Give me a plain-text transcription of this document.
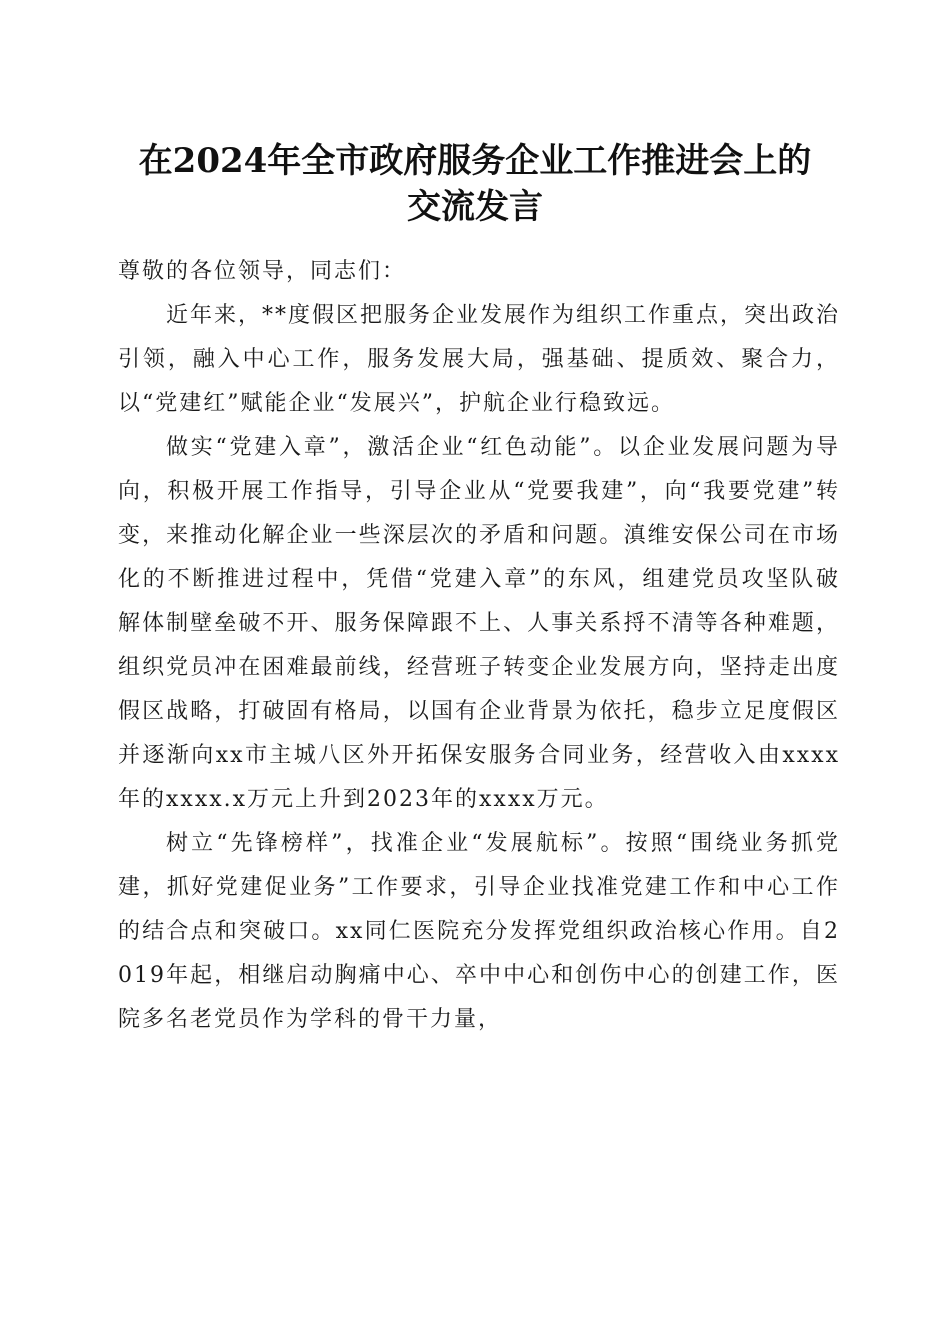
在2024年全市政府服务企业工作推进会上的
交流发言

尊敬的各位领导，同志们：

近年来，**度假区把服务企业发展作为组织工作重点，突出政治引领，融入中心工作，服务发展大局，强基础、提质效、聚合力，以“党建红”赋能企业“发展兴”，护航企业行稳致远。

做实“党建入章”，激活企业“红色动能”。以企业发展问题为导向，积极开展工作指导，引导企业从“党要我建”，向“我要党建”转变，来推动化解企业一些深层次的矛盾和问题。滇维安保公司在市场化的不断推进过程中，凭借“党建入章”的东风，组建党员攻坚队破解体制壁垒破不开、服务保障跟不上、人事关系捋不清等各种难题，组织党员冲在困难最前线，经营班子转变企业发展方向，坚持走出度假区战略，打破固有格局，以国有企业背景为依托，稳步立足度假区并逐渐向xx市主城八区外开拓保安服务合同业务，经营收入由xxxx年的xxxx.x万元上升到2023年的xxxx万元。

树立“先锋榜样”，找准企业“发展航标”。按照“围绕业务抓党建，抓好党建促业务”工作要求，引导企业找准党建工作和中心工作的结合点和突破口。xx同仁医院充分发挥党组织政治核心作用。自2019年起，相继启动胸痛中心、卒中中心和创伤中心的创建工作，医院多名老党员作为学科的骨干力量，
